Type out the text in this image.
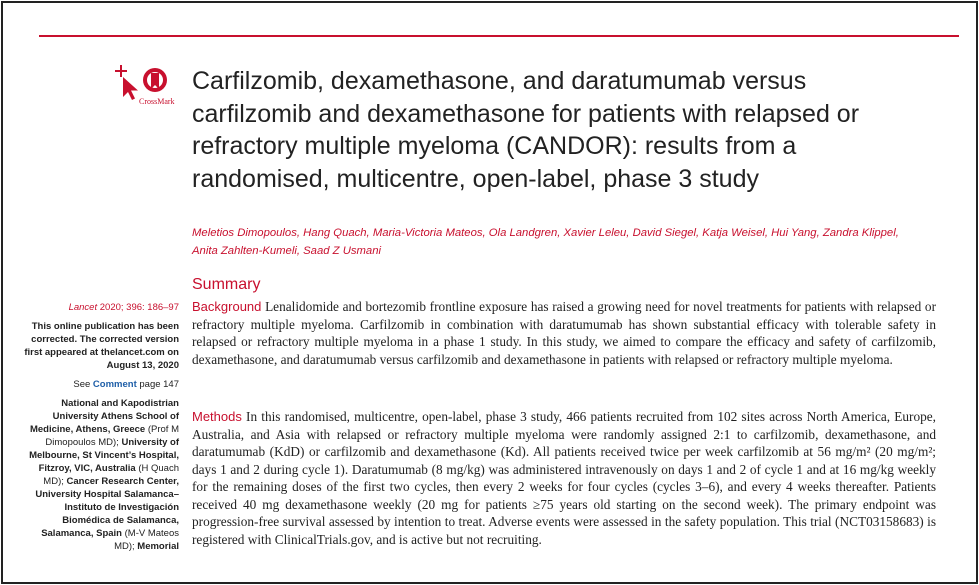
CrossMark
Carfilzomib, dexamethasone, and daratumumab versus carfilzomib and dexamethasone for patients with relapsed or refractory multiple myeloma (CANDOR): results from a randomised, multicentre, open-label, phase 3 study
Meletios Dimopoulos, Hang Quach, Maria-Victoria Mateos, Ola Landgren, Xavier Leleu, David Siegel, Katja Weisel, Hui Yang, Zandra Klippel,
Anita Zahlten-Kumeli, Saad Z Usmani
Summary
Lancet 2020; 396: 186–97
This online publication has been corrected. The corrected version first appeared at thelancet.com on August 13, 2020
See Comment page 147
National and Kapodistrian University Athens School of Medicine, Athens, Greece (Prof M Dimopoulos MD); University of Melbourne, St Vincent’s Hospital, Fitzroy, VIC, Australia (H Quach MD); Cancer Research Center, University Hospital Salamanca–Instituto de Investigación Biomédica de Salamanca, Salamanca, Spain (M-V Mateos MD); Memorial

Background Lenalidomide and bortezomib frontline exposure has raised a growing need for novel treatments for patients with relapsed or refractory multiple myeloma. Carfilzomib in combination with daratumumab has shown substantial efficacy with tolerable safety in relapsed or refractory multiple myeloma in a phase 1 study. In this study, we aimed to compare the efficacy and safety of carfilzomib, dexamethasone, and daratumumab versus carfilzomib and dexamethasone in patients with relapsed or refractory multiple myeloma.

Methods In this randomised, multicentre, open-label, phase 3 study, 466 patients recruited from 102 sites across North America, Europe, Australia, and Asia with relapsed or refractory multiple myeloma were randomly assigned 2:1 to carfilzomib, dexamethasone, and daratumumab (KdD) or carfilzomib and dexamethasone (Kd). All patients received twice per week carfilzomib at 56 mg/m² (20 mg/m²; days 1 and 2 during cycle 1). Daratumumab (8 mg/kg) was administered intravenously on days 1 and 2 of cycle 1 and at 16 mg/kg weekly for the remaining doses of the first two cycles, then every 2 weeks for four cycles (cycles 3–6), and every 4 weeks thereafter. Patients received 40 mg dexamethasone weekly (20 mg for patients ≥75 years old starting on the second week). The primary endpoint was progression-free survival assessed by intention to treat. Adverse events were assessed in the safety population. This trial (NCT03158683) is registered with ClinicalTrials.gov, and is active but not recruiting.
